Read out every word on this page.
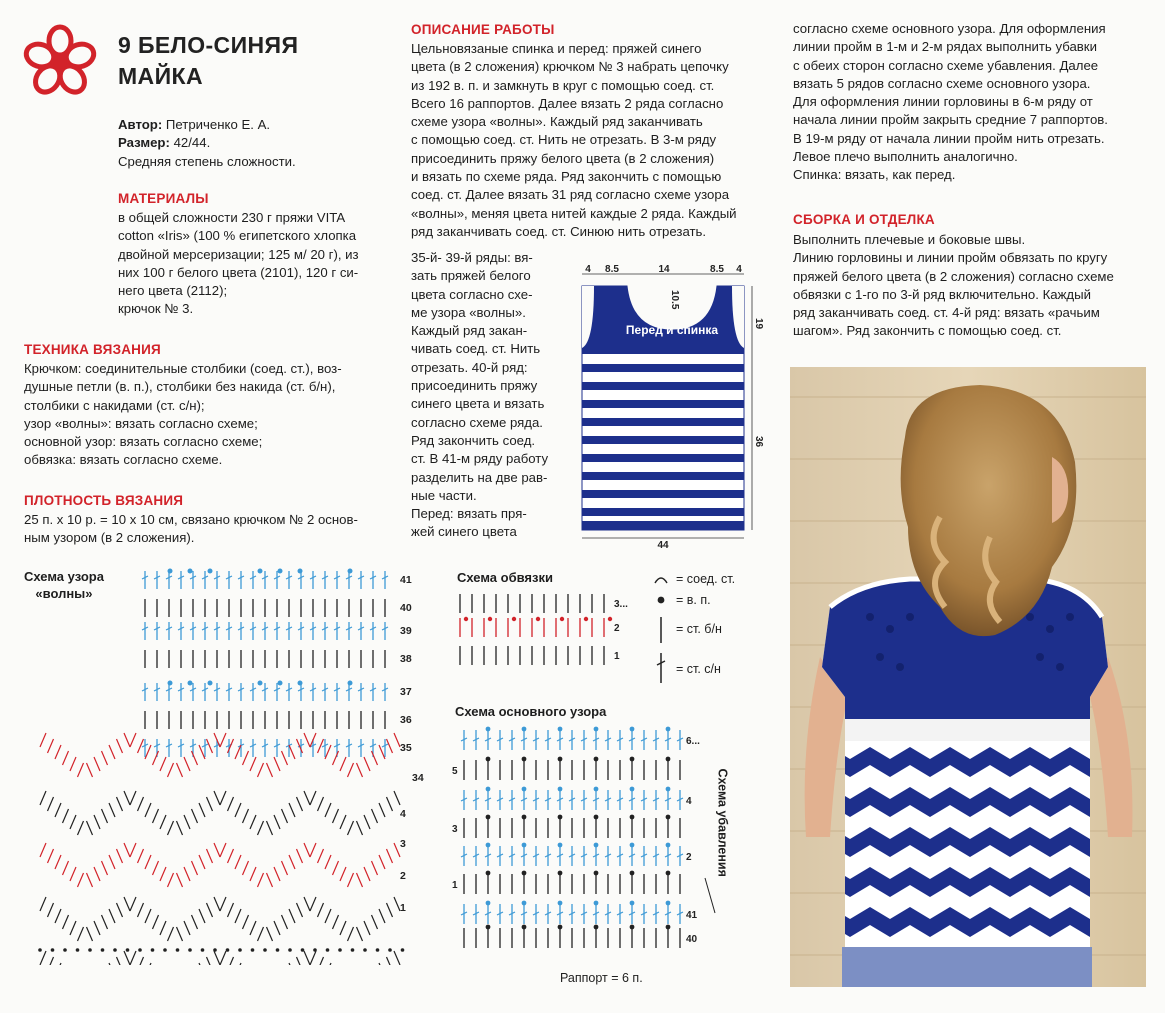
9 БЕЛО-СИНЯЯ
МАЙКА
Автор: Петриченко Е. А.
Размер: 42/44.
Средняя степень сложности.
МАТЕРИАЛЫ
в общей сложности 230 г пряжи VITA
cotton «Iris» (100 % египетского хлопка
двойной мерсеризации; 125 м/ 20 г), из
них 100 г белого цвета (2101), 120 г си-
него цвета (2112);
крючок № 3.
ТЕХНИКА ВЯЗАНИЯ
Крючком: соединительные столбики (соед. ст.), воз-
душные петли (в. п.), столбики без накида (ст. б/н),
столбики с накидами (ст. с/н);
узор «волны»: вязать согласно схеме;
основной узор: вязать согласно схеме;
обвязка: вязать согласно схеме.
ПЛОТНОСТЬ ВЯЗАНИЯ
25 п. х 10 р. = 10 х 10 см, связано крючком № 2 основ-
ным узором (в 2 сложения).
ОПИСАНИЕ РАБОТЫ
Цельновязаные спинка и перед: пряжей синего
цвета (в 2 сложения) крючком № 3 набрать цепочку
из 192 в. п. и замкнуть в круг с помощью соед. ст.
Всего 16 раппортов. Далее вязать 2 ряда согласно
схеме узора «волны». Каждый ряд заканчивать
с помощью соед. ст. Нить не отрезать. В 3-м ряду
присоединить пряжу белого цвета (в 2 сложения)
и вязать по схеме ряда. Ряд закончить с помощью
соед. ст. Далее вязать 31 ряд согласно схеме узора
«волны», меняя цвета нитей каждые 2 ряда. Каждый
ряд заканчивать соед. ст. Синюю нить отрезать.
35-й- 39-й ряды: вя-
зать пряжей белого
цвета согласно схе-
ме узора «волны».
Каждый ряд закан-
чивать соед. ст. Нить
отрезать. 40-й ряд:
присоединить пряжу
синего цвета и вязать
согласно схеме ряда.
Ряд закончить соед.
ст. В 41-м ряду работу
разделить на две рав-
ные части.
Перед: вязать пря-
жей синего цвета
Перед и спинка
4 8.5	14	8.5 4
10.5
19
36
44
согласно схеме основного узора. Для оформления
линии пройм в 1-м и 2-м рядах выполнить убавки
с обеих сторон согласно схеме убавления. Далее
вязать 5 рядов согласно схеме основного узора.
Для оформления линии горловины в 6-м ряду от
начала линии пройм закрыть средние 7 раппортов.
В 19-м ряду от начала линии пройм нить отрезать.
Левое плечо выполнить аналогично.
Спинка: вязать, как перед.
СБОРКА И ОТДЕЛКА
Выполнить плечевые и боковые швы.
Линию горловины и линии пройм обвязать по кругу
пряжей белого цвета (в 2 сложения) согласно схеме
обвязки с 1-го по 3-й ряд включительно. Каждый
ряд заканчивать соед. ст. 4-й ряд: вязать «рачьим
шагом». Ряд закончить с помощью соед. ст.
Схема узора
«волны»
41
40
39
38
37
36
35
34
4
3
2
1
Схема обвязки
3...
2
1
= соед. ст.
= в. п.
= ст. б/н
= ст. с/н
Схема основного узора
6...
5
4
3
2
1
41
40
Схема убавления
Раппорт = 6 п.
